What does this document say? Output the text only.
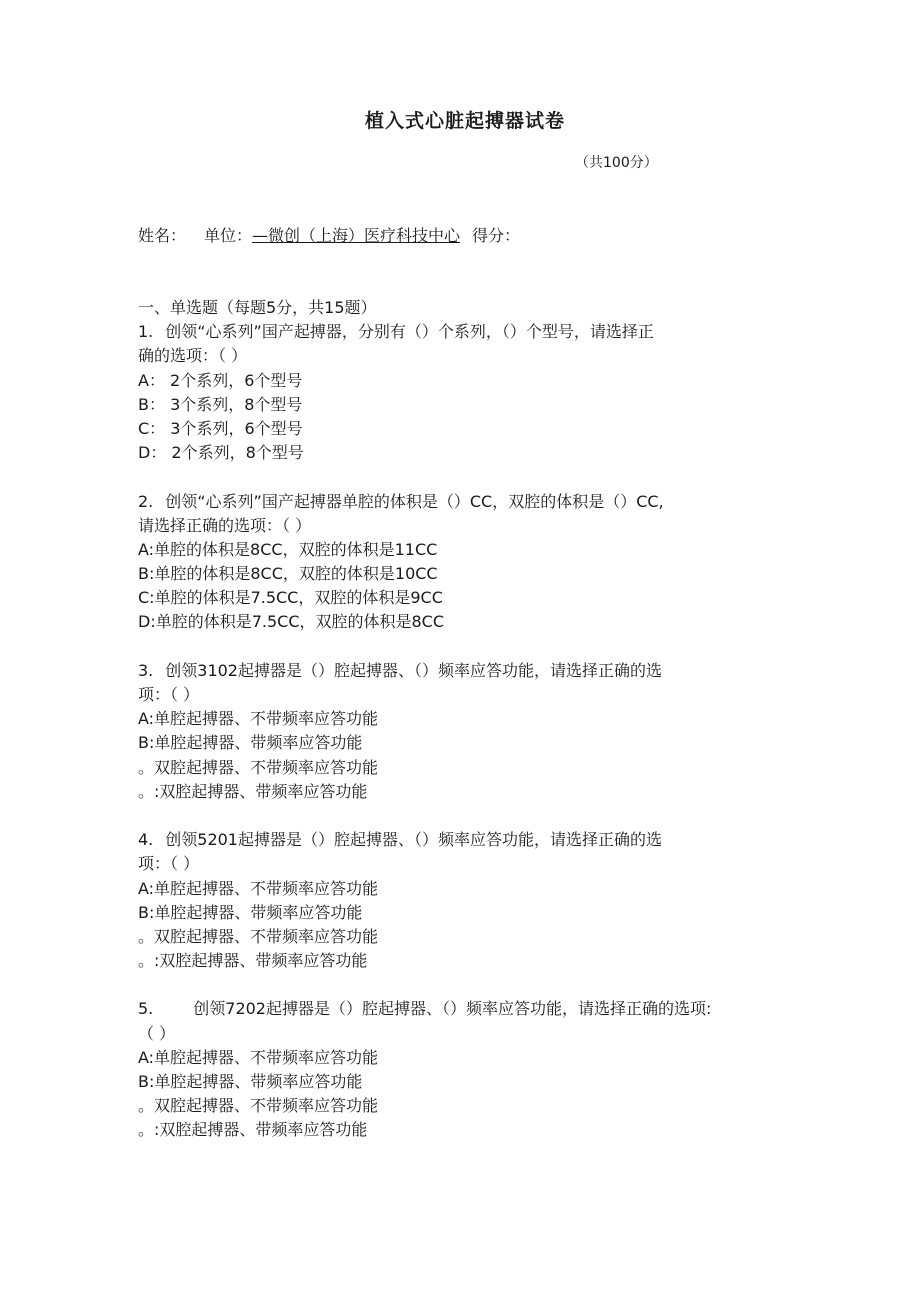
植入式心脏起搏器试卷
（共100分）
姓名： 单位：—微创（上海）医疗科技中心 得分：
一、单选题（每题5分，共15题）
1. 创领“心系列”国产起搏器，分别有（）个系列，（）个型号，请选择正
确的选项：（ ）
A： 2个系列，6个型号
B： 3个系列，8个型号
C： 3个系列，6个型号
D： 2个系列，8个型号
2. 创领“心系列”国产起搏器单腔的体积是（）CC，双腔的体积是（）CC,
请选择正确的选项：（ ）
A:单腔的体积是8CC，双腔的体积是11CC
B:单腔的体积是8CC，双腔的体积是10CC
C:单腔的体积是7.5CC，双腔的体积是9CC
D:单腔的体积是7.5CC，双腔的体积是8CC
3. 创领3102起搏器是（）腔起搏器、（）频率应答功能，请选择正确的选
项：（ ）
A:单腔起搏器、不带频率应答功能
B:单腔起搏器、带频率应答功能
。双腔起搏器、不带频率应答功能
。:双腔起搏器、带频率应答功能
4. 创领5201起搏器是（）腔起搏器、（）频率应答功能，请选择正确的选
项：（ ）
A:单腔起搏器、不带频率应答功能
B:单腔起搏器、带频率应答功能
。双腔起搏器、不带频率应答功能
。:双腔起搏器、带频率应答功能
5.	创领7202起搏器是（）腔起搏器、（）频率应答功能，请选择正确的选项:
（ ）
A:单腔起搏器、不带频率应答功能
B:单腔起搏器、带频率应答功能
。双腔起搏器、不带频率应答功能
。:双腔起搏器、带频率应答功能
